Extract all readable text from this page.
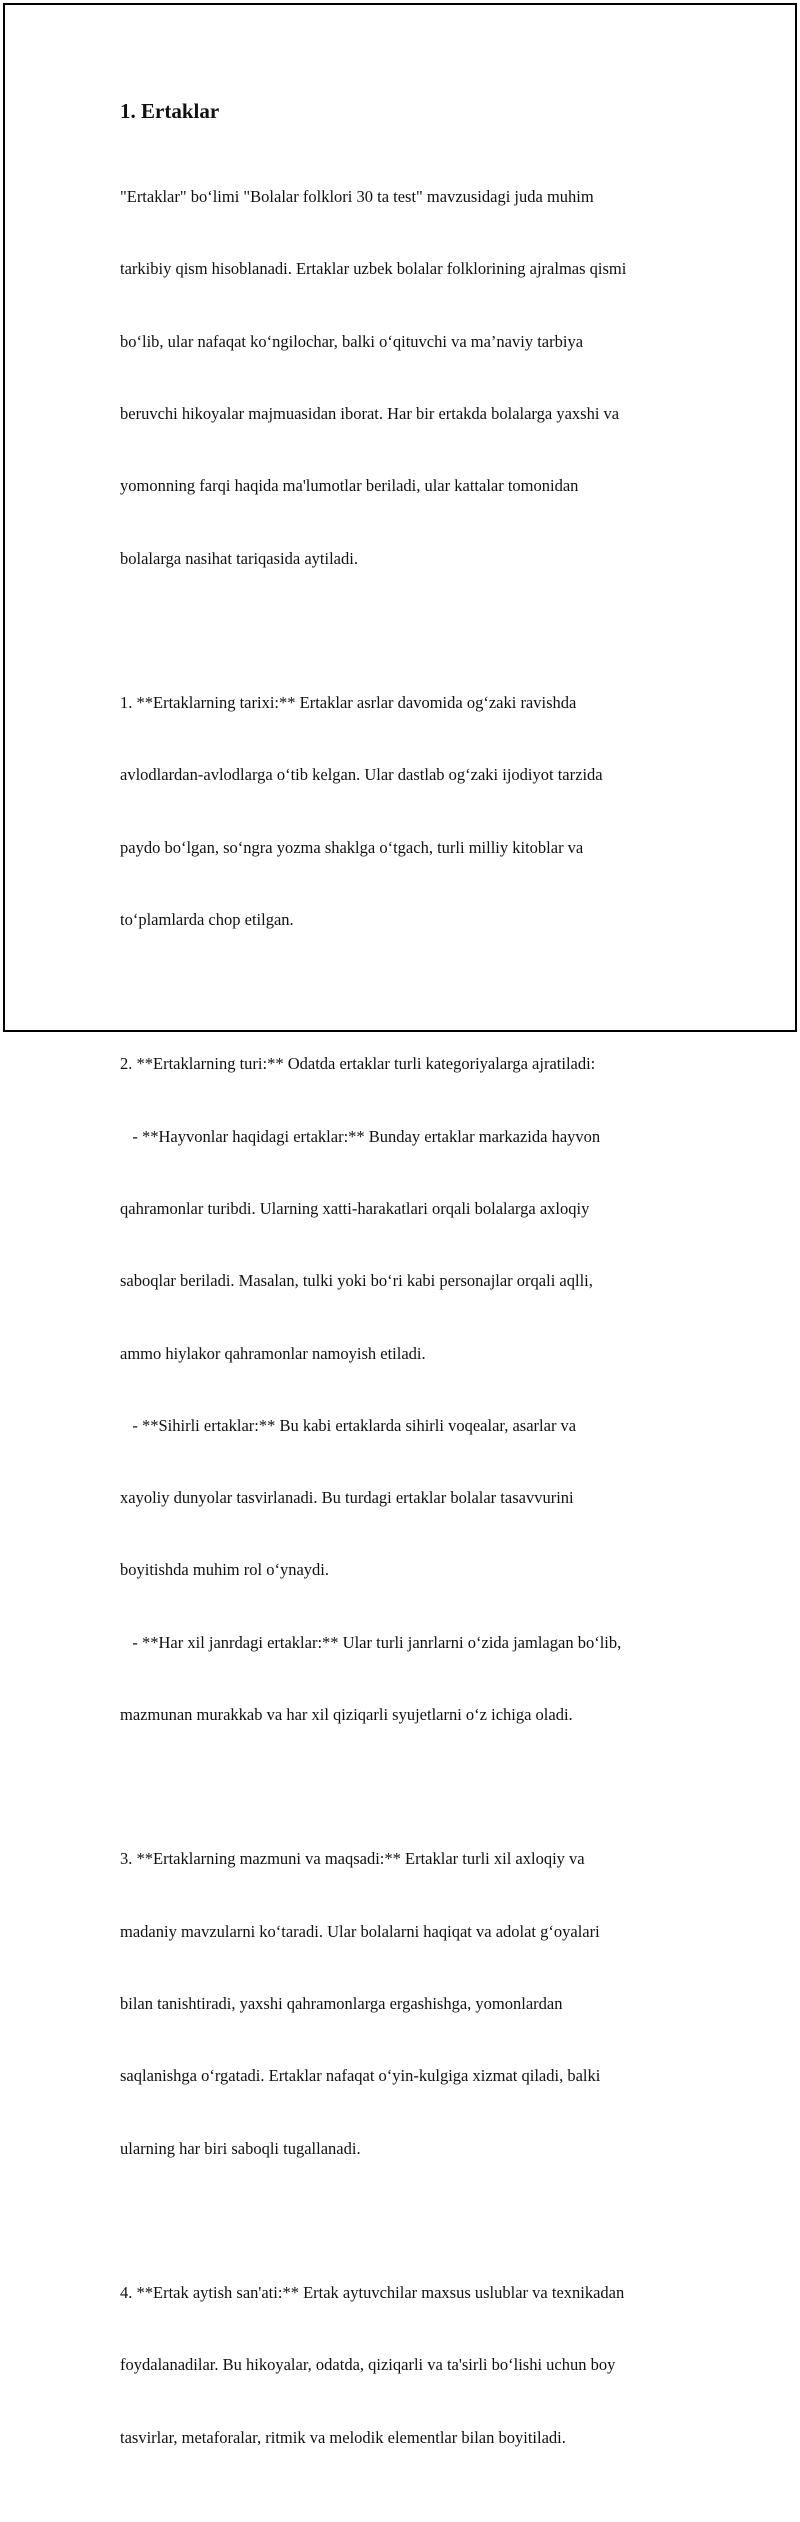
1. Ertaklar

"Ertaklar" bo‘limi "Bolalar folklori 30 ta test" mavzusidagi juda muhim

tarkibiy qism hisoblanadi. Ertaklar uzbek bolalar folklorining ajralmas qismi

bo‘lib, ular nafaqat ko‘ngilochar, balki o‘qituvchi va ma’naviy tarbiya

beruvchi hikoyalar majmuasidan iborat. Har bir ertakda bolalarga yaxshi va

yomonning farqi haqida ma'lumotlar beriladi, ular kattalar tomonidan

bolalarga nasihat tariqasida aytiladi.

1. **Ertaklarning tarixi:** Ertaklar asrlar davomida og‘zaki ravishda

avlodlardan-avlodlarga o‘tib kelgan. Ular dastlab og‘zaki ijodiyot tarzida

paydo bo‘lgan, so‘ngra yozma shaklga o‘tgach, turli milliy kitoblar va

to‘plamlarda chop etilgan.

2. **Ertaklarning turi:** Odatda ertaklar turli kategoriyalarga ajratiladi:

- **Hayvonlar haqidagi ertaklar:** Bunday ertaklar markazida hayvon

qahramonlar turibdi. Ularning xatti-harakatlari orqali bolalarga axloqiy

saboqlar beriladi. Masalan, tulki yoki bo‘ri kabi personajlar orqali aqlli,

ammo hiylakor qahramonlar namoyish etiladi.

- **Sihirli ertaklar:** Bu kabi ertaklarda sihirli voqealar, asarlar va

xayoliy dunyolar tasvirlanadi. Bu turdagi ertaklar bolalar tasavvurini

boyitishda muhim rol o‘ynaydi.

- **Har xil janrdagi ertaklar:** Ular turli janrlarni o‘zida jamlagan bo‘lib,

mazmunan murakkab va har xil qiziqarli syujetlarni o‘z ichiga oladi.

3. **Ertaklarning mazmuni va maqsadi:** Ertaklar turli xil axloqiy va

madaniy mavzularni ko‘taradi. Ular bolalarni haqiqat va adolat g‘oyalari

bilan tanishtiradi, yaxshi qahramonlarga ergashishga, yomonlardan

saqlanishga o‘rgatadi. Ertaklar nafaqat o‘yin-kulgiga xizmat qiladi, balki

ularning har biri saboqli tugallanadi.

4. **Ertak aytish san'ati:** Ertak aytuvchilar maxsus uslublar va texnikadan

foydalanadilar. Bu hikoyalar, odatda, qiziqarli va ta'sirli bo‘lishi uchun boy

tasvirlar, metaforalar, ritmik va melodik elementlar bilan boyitiladi.
